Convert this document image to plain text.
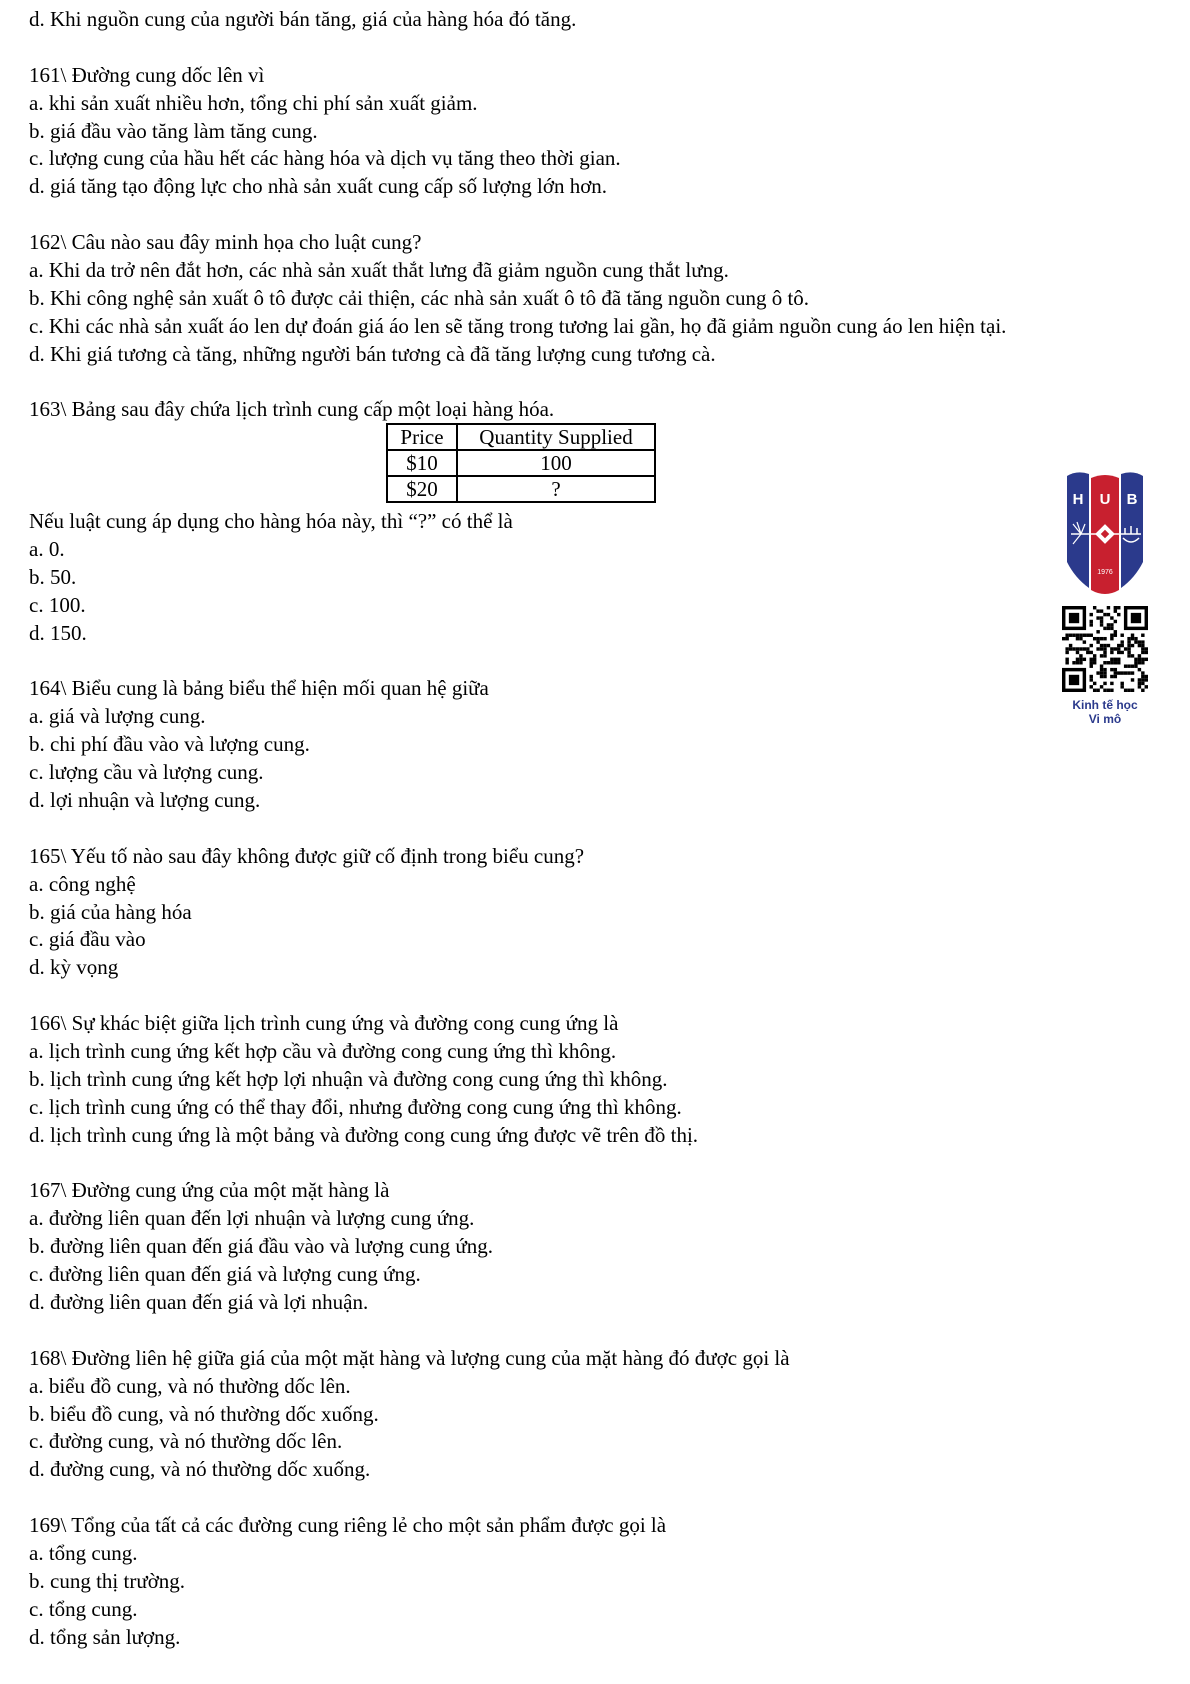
d. Khi nguồn cung của người bán tăng, giá của hàng hóa đó tăng.
161\ Đường cung dốc lên vì
a. khi sản xuất nhiều hơn, tổng chi phí sản xuất giảm.
b. giá đầu vào tăng làm tăng cung.
c. lượng cung của hầu hết các hàng hóa và dịch vụ tăng theo thời gian.
d. giá tăng tạo động lực cho nhà sản xuất cung cấp số lượng lớn hơn.
162\ Câu nào sau đây minh họa cho luật cung?
a. Khi da trở nên đắt hơn, các nhà sản xuất thắt lưng đã giảm nguồn cung thắt lưng.
b. Khi công nghệ sản xuất ô tô được cải thiện, các nhà sản xuất ô tô đã tăng nguồn cung ô tô.
c. Khi các nhà sản xuất áo len dự đoán giá áo len sẽ tăng trong tương lai gần, họ đã giảm nguồn cung áo len hiện tại.
d. Khi giá tương cà tăng, những người bán tương cà đã tăng lượng cung tương cà.
163\ Bảng sau đây chứa lịch trình cung cấp một loại hàng hóa.
Price	Quantity Supplied
$10	100
$20	?
Nếu luật cung áp dụng cho hàng hóa này, thì “?” có thể là
a. 0.
b. 50.
c. 100.
d. 150.
164\ Biểu cung là bảng biểu thể hiện mối quan hệ giữa
a. giá và lượng cung.
b. chi phí đầu vào và lượng cung.
c. lượng cầu và lượng cung.
d. lợi nhuận và lượng cung.
165\ Yếu tố nào sau đây không được giữ cố định trong biểu cung?
a. công nghệ
b. giá của hàng hóa
c. giá đầu vào
d. kỳ vọng
166\ Sự khác biệt giữa lịch trình cung ứng và đường cong cung ứng là
a. lịch trình cung ứng kết hợp cầu và đường cong cung ứng thì không.
b. lịch trình cung ứng kết hợp lợi nhuận và đường cong cung ứng thì không.
c. lịch trình cung ứng có thể thay đổi, nhưng đường cong cung ứng thì không.
d. lịch trình cung ứng là một bảng và đường cong cung ứng được vẽ trên đồ thị.
167\ Đường cung ứng của một mặt hàng là
a. đường liên quan đến lợi nhuận và lượng cung ứng.
b. đường liên quan đến giá đầu vào và lượng cung ứng.
c. đường liên quan đến giá và lượng cung ứng.
d. đường liên quan đến giá và lợi nhuận.
168\ Đường liên hệ giữa giá của một mặt hàng và lượng cung của mặt hàng đó được gọi là
a. biểu đồ cung, và nó thường dốc lên.
b. biểu đồ cung, và nó thường dốc xuống.
c. đường cung, và nó thường dốc lên.
d. đường cung, và nó thường dốc xuống.
169\ Tổng của tất cả các đường cung riêng lẻ cho một sản phẩm được gọi là
a. tổng cung.
b. cung thị trường.
c. tổng cung.
d. tổng sản lượng.
H U B
1976

Kinh tế học
Vi mô
